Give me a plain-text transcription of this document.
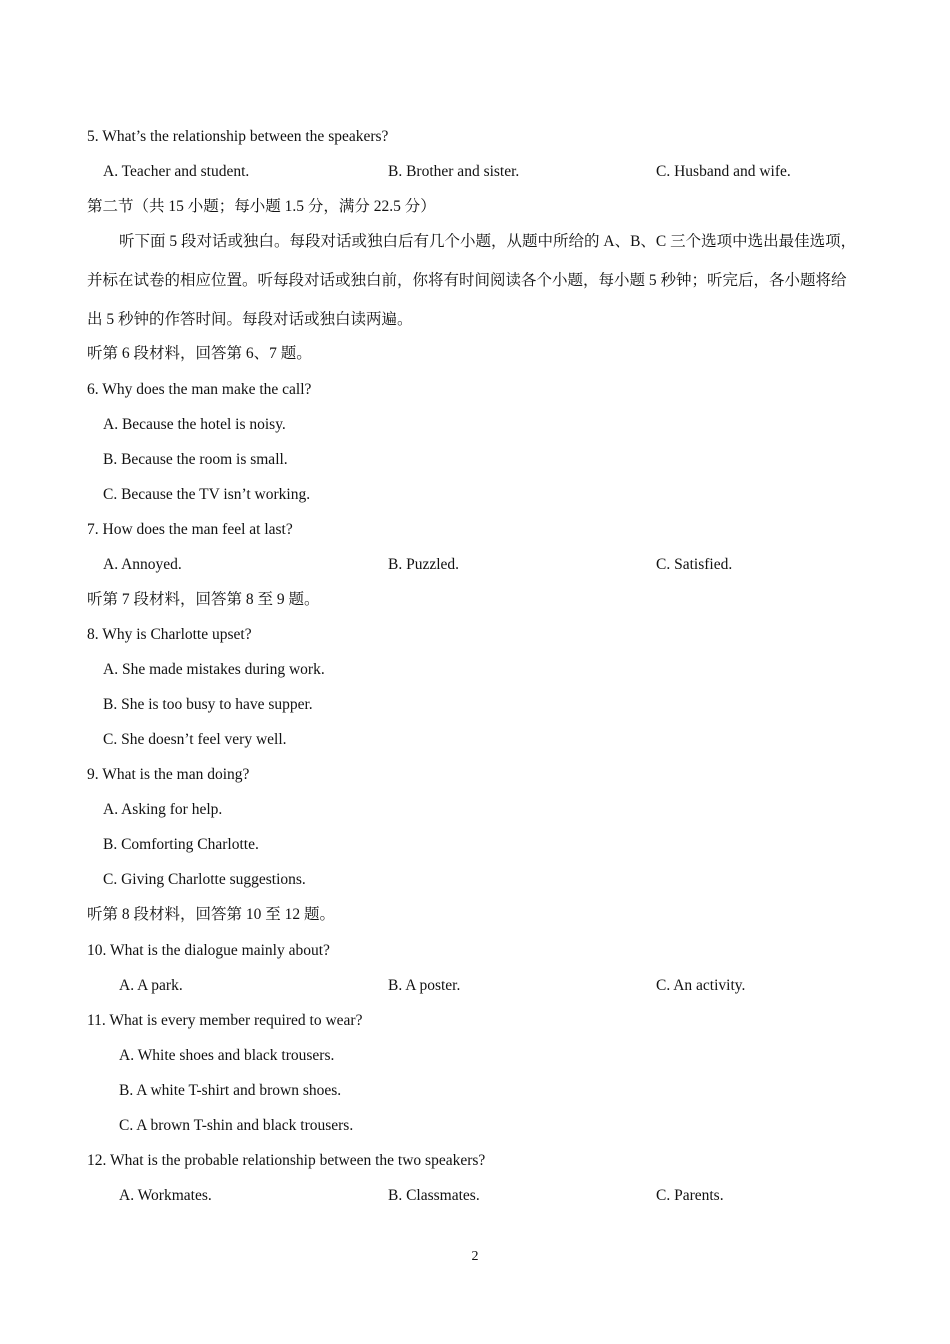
5. What’s the relationship between the speakers?
A. Teacher and student.	B. Brother and sister.	C. Husband and wife.
第二节（共 15 小题；每小题 1.5 分，满分 22.5 分）
听下面 5 段对话或独白。每段对话或独白后有几个小题，从题中所给的 A、B、C 三个选项中选出最佳选项，
并标在试卷的相应位置。听每段对话或独白前，你将有时间阅读各个小题，每小题 5 秒钟；听完后，各小题将给
出 5 秒钟的作答时间。每段对话或独白读两遍。
听第 6 段材料，回答第 6、7 题。
6. Why does the man make the call?
A. Because the hotel is noisy.
B. Because the room is small.
C. Because the TV isn’t working.
7. How does the man feel at last?
A. Annoyed.	B. Puzzled.	C. Satisfied.
听第 7 段材料，回答第 8 至 9 题。
8. Why is Charlotte upset?
A. She made mistakes during work.
B. She is too busy to have supper.
C. She doesn’t feel very well.
9. What is the man doing?
A. Asking for help.
B. Comforting Charlotte.
C. Giving Charlotte suggestions.
听第 8 段材料，回答第 10 至 12 题。
10. What is the dialogue mainly about?
A. A park.	B. A poster.	C. An activity.
11. What is every member required to wear?
A. White shoes and black trousers.
B. A white T-shirt and brown shoes.
C. A brown T-shin and black trousers.
12. What is the probable relationship between the two speakers?
A. Workmates.	B. Classmates.	C. Parents.
2
